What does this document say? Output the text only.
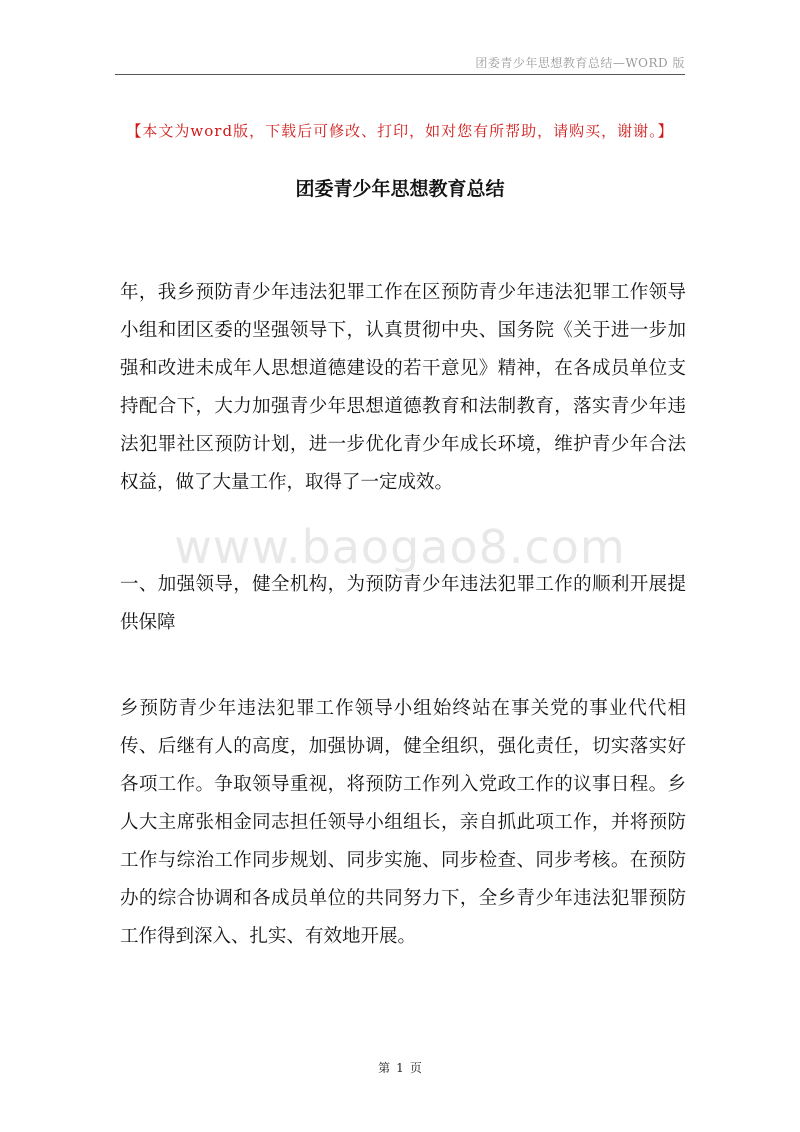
团委青少年思想教育总结—WORD 版
【本文为word版，下载后可修改、打印，如对您有所帮助，请购买，谢谢。】
团委青少年思想教育总结

年，我乡预防青少年违法犯罪工作在区预防青少年违法犯罪工作领导小组和团区委的坚强领导下，认真贯彻中央、国务院《关于进一步加强和改进未成年人思想道德建设的若干意见》精神，在各成员单位支持配合下，大力加强青少年思想道德教育和法制教育，落实青少年违法犯罪社区预防计划，进一步优化青少年成长环境，维护青少年合法权益，做了大量工作，取得了一定成效。

www.baogao8.com

一、加强领导，健全机构，为预防青少年违法犯罪工作的顺利开展提供保障

乡预防青少年违法犯罪工作领导小组始终站在事关党的事业代代相传、后继有人的高度，加强协调，健全组织，强化责任，切实落实好各项工作。争取领导重视，将预防工作列入党政工作的议事日程。乡人大主席张相金同志担任领导小组组长，亲自抓此项工作，并将预防工作与综治工作同步规划、同步实施、同步检查、同步考核。在预防办的综合协调和各成员单位的共同努力下，全乡青少年违法犯罪预防工作得到深入、扎实、有效地开展。

第 1 页
